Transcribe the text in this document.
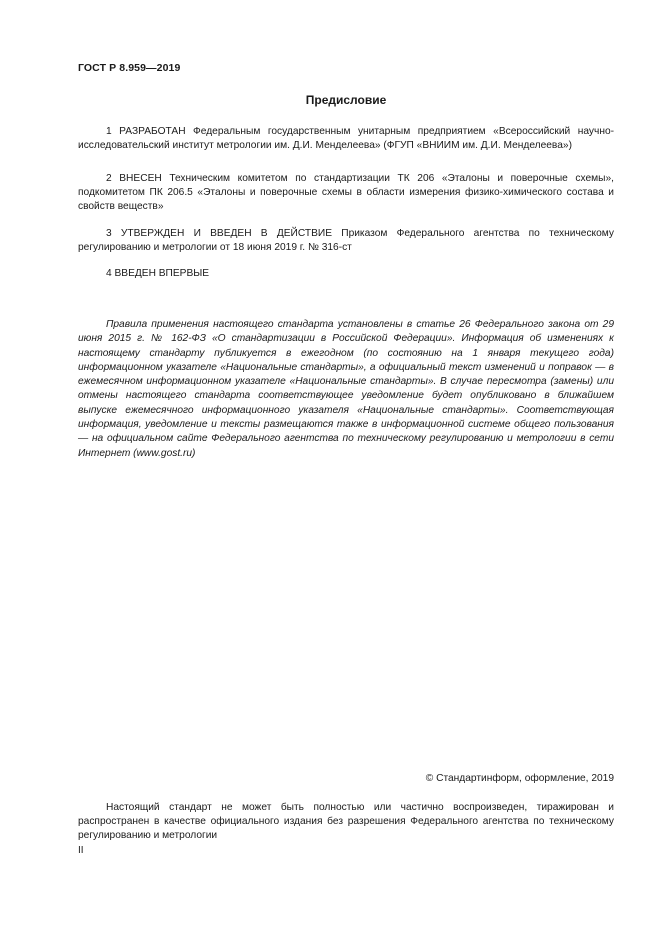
ГОСТ Р 8.959—2019
Предисловие
1 РАЗРАБОТАН Федеральным государственным унитарным предприятием «Всероссийский научно-исследовательский институт метрологии им. Д.И. Менделеева» (ФГУП «ВНИИМ им. Д.И. Менделеева»)
2 ВНЕСЕН Техническим комитетом по стандартизации ТК 206 «Эталоны и поверочные схемы», подкомитетом ПК 206.5 «Эталоны и поверочные схемы в области измерения физико-химического состава и свойств веществ»
3 УТВЕРЖДЕН И ВВЕДЕН В ДЕЙСТВИЕ Приказом Федерального агентства по техническому регулированию и метрологии от 18 июня 2019 г. № 316-ст
4 ВВЕДЕН ВПЕРВЫЕ
Правила применения настоящего стандарта установлены в статье 26 Федерального закона от 29 июня 2015 г. № 162-ФЗ «О стандартизации в Российской Федерации». Информация об изменениях к настоящему стандарту публикуется в ежегодном (по состоянию на 1 января текущего года) информационном указателе «Национальные стандарты», а официальный текст изменений и поправок — в ежемесячном информационном указателе «Национальные стандарты». В случае пересмотра (замены) или отмены настоящего стандарта соответствующее уведомление будет опубликовано в ближайшем выпуске ежемесячного информационного указателя «Национальные стандарты». Соответствующая информация, уведомление и тексты размещаются также в информационной системе общего пользования — на официальном сайте Федерального агентства по техническому регулированию и метрологии в сети Интернет (www.gost.ru)
© Стандартинформ, оформление, 2019
Настоящий стандарт не может быть полностью или частично воспроизведен, тиражирован и распространен в качестве официального издания без разрешения Федерального агентства по техническому регулированию и метрологии
II
